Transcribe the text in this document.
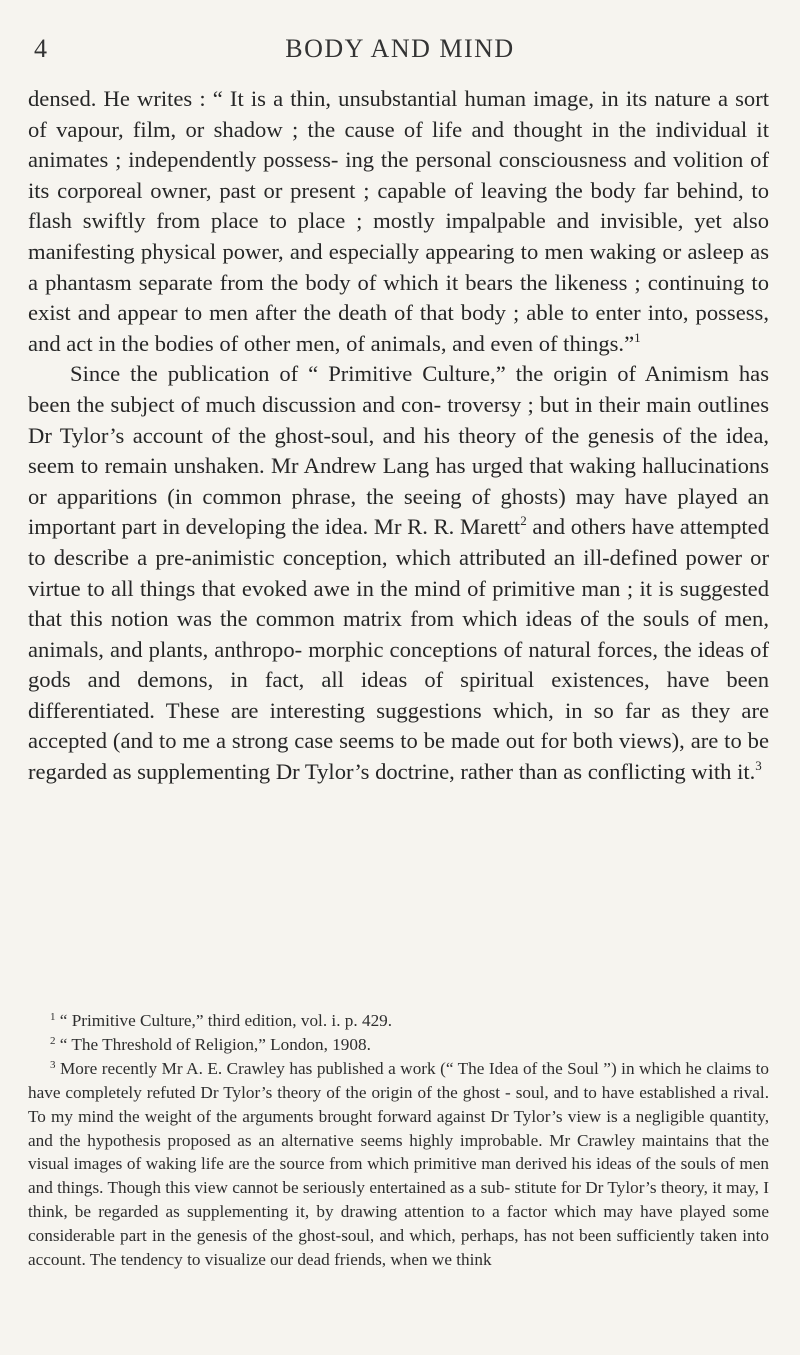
4	BODY AND MIND

densed. He writes : “ It is a thin, unsubstantial human image, in its nature a sort of vapour, film, or shadow ; the cause of life and thought in the individual it animates ; independently possess- ing the personal consciousness and volition of its corporeal owner, past or present ; capable of leaving the body far behind, to flash swiftly from place to place ; mostly impalpable and invisible, yet also manifesting physical power, and especially appearing to men waking or asleep as a phantasm separate from the body of which it bears the likeness ; continuing to exist and appear to men after the death of that body ; able to enter into, possess, and act in the bodies of other men, of animals, and even of things.”$^1$

Since the publication of “ Primitive Culture,” the origin of Animism has been the subject of much discussion and con- troversy ; but in their main outlines Dr Tylor’s account of the ghost-soul, and his theory of the genesis of the idea, seem to remain unshaken. Mr Andrew Lang has urged that waking hallucinations or apparitions (in common phrase, the seeing of ghosts) may have played an important part in developing the idea. Mr R. R. Marett$^2$ and others have attempted to describe a pre-animistic conception, which attributed an ill-defined power or virtue to all things that evoked awe in the mind of primitive man ; it is suggested that this notion was the common matrix from which ideas of the souls of men, animals, and plants, anthropo- morphic conceptions of natural forces, the ideas of gods and demons, in fact, all ideas of spiritual existences, have been differentiated. These are interesting suggestions which, in so far as they are accepted (and to me a strong case seems to be made out for both views), are to be regarded as supplementing Dr Tylor’s doctrine, rather than as conflicting with it.$^3$

$^1$ “ Primitive Culture,” third edition, vol. i. p. 429.

$^2$ “ The Threshold of Religion,” London, 1908.

$^3$ More recently Mr A. E. Crawley has published a work (“ The Idea of the Soul ”) in which he claims to have completely refuted Dr Tylor’s theory of the origin of the ghost - soul, and to have established a rival. To my mind the weight of the arguments brought forward against Dr Tylor’s view is a negligible quantity, and the hypothesis proposed as an alternative seems highly improbable. Mr Crawley maintains that the visual images of waking life are the source from which primitive man derived his ideas of the souls of men and things. Though this view cannot be seriously entertained as a sub- stitute for Dr Tylor’s theory, it may, I think, be regarded as supplementing it, by drawing attention to a factor which may have played some considerable part in the genesis of the ghost-soul, and which, perhaps, has not been sufficiently taken into account. The tendency to visualize our dead friends, when we think
